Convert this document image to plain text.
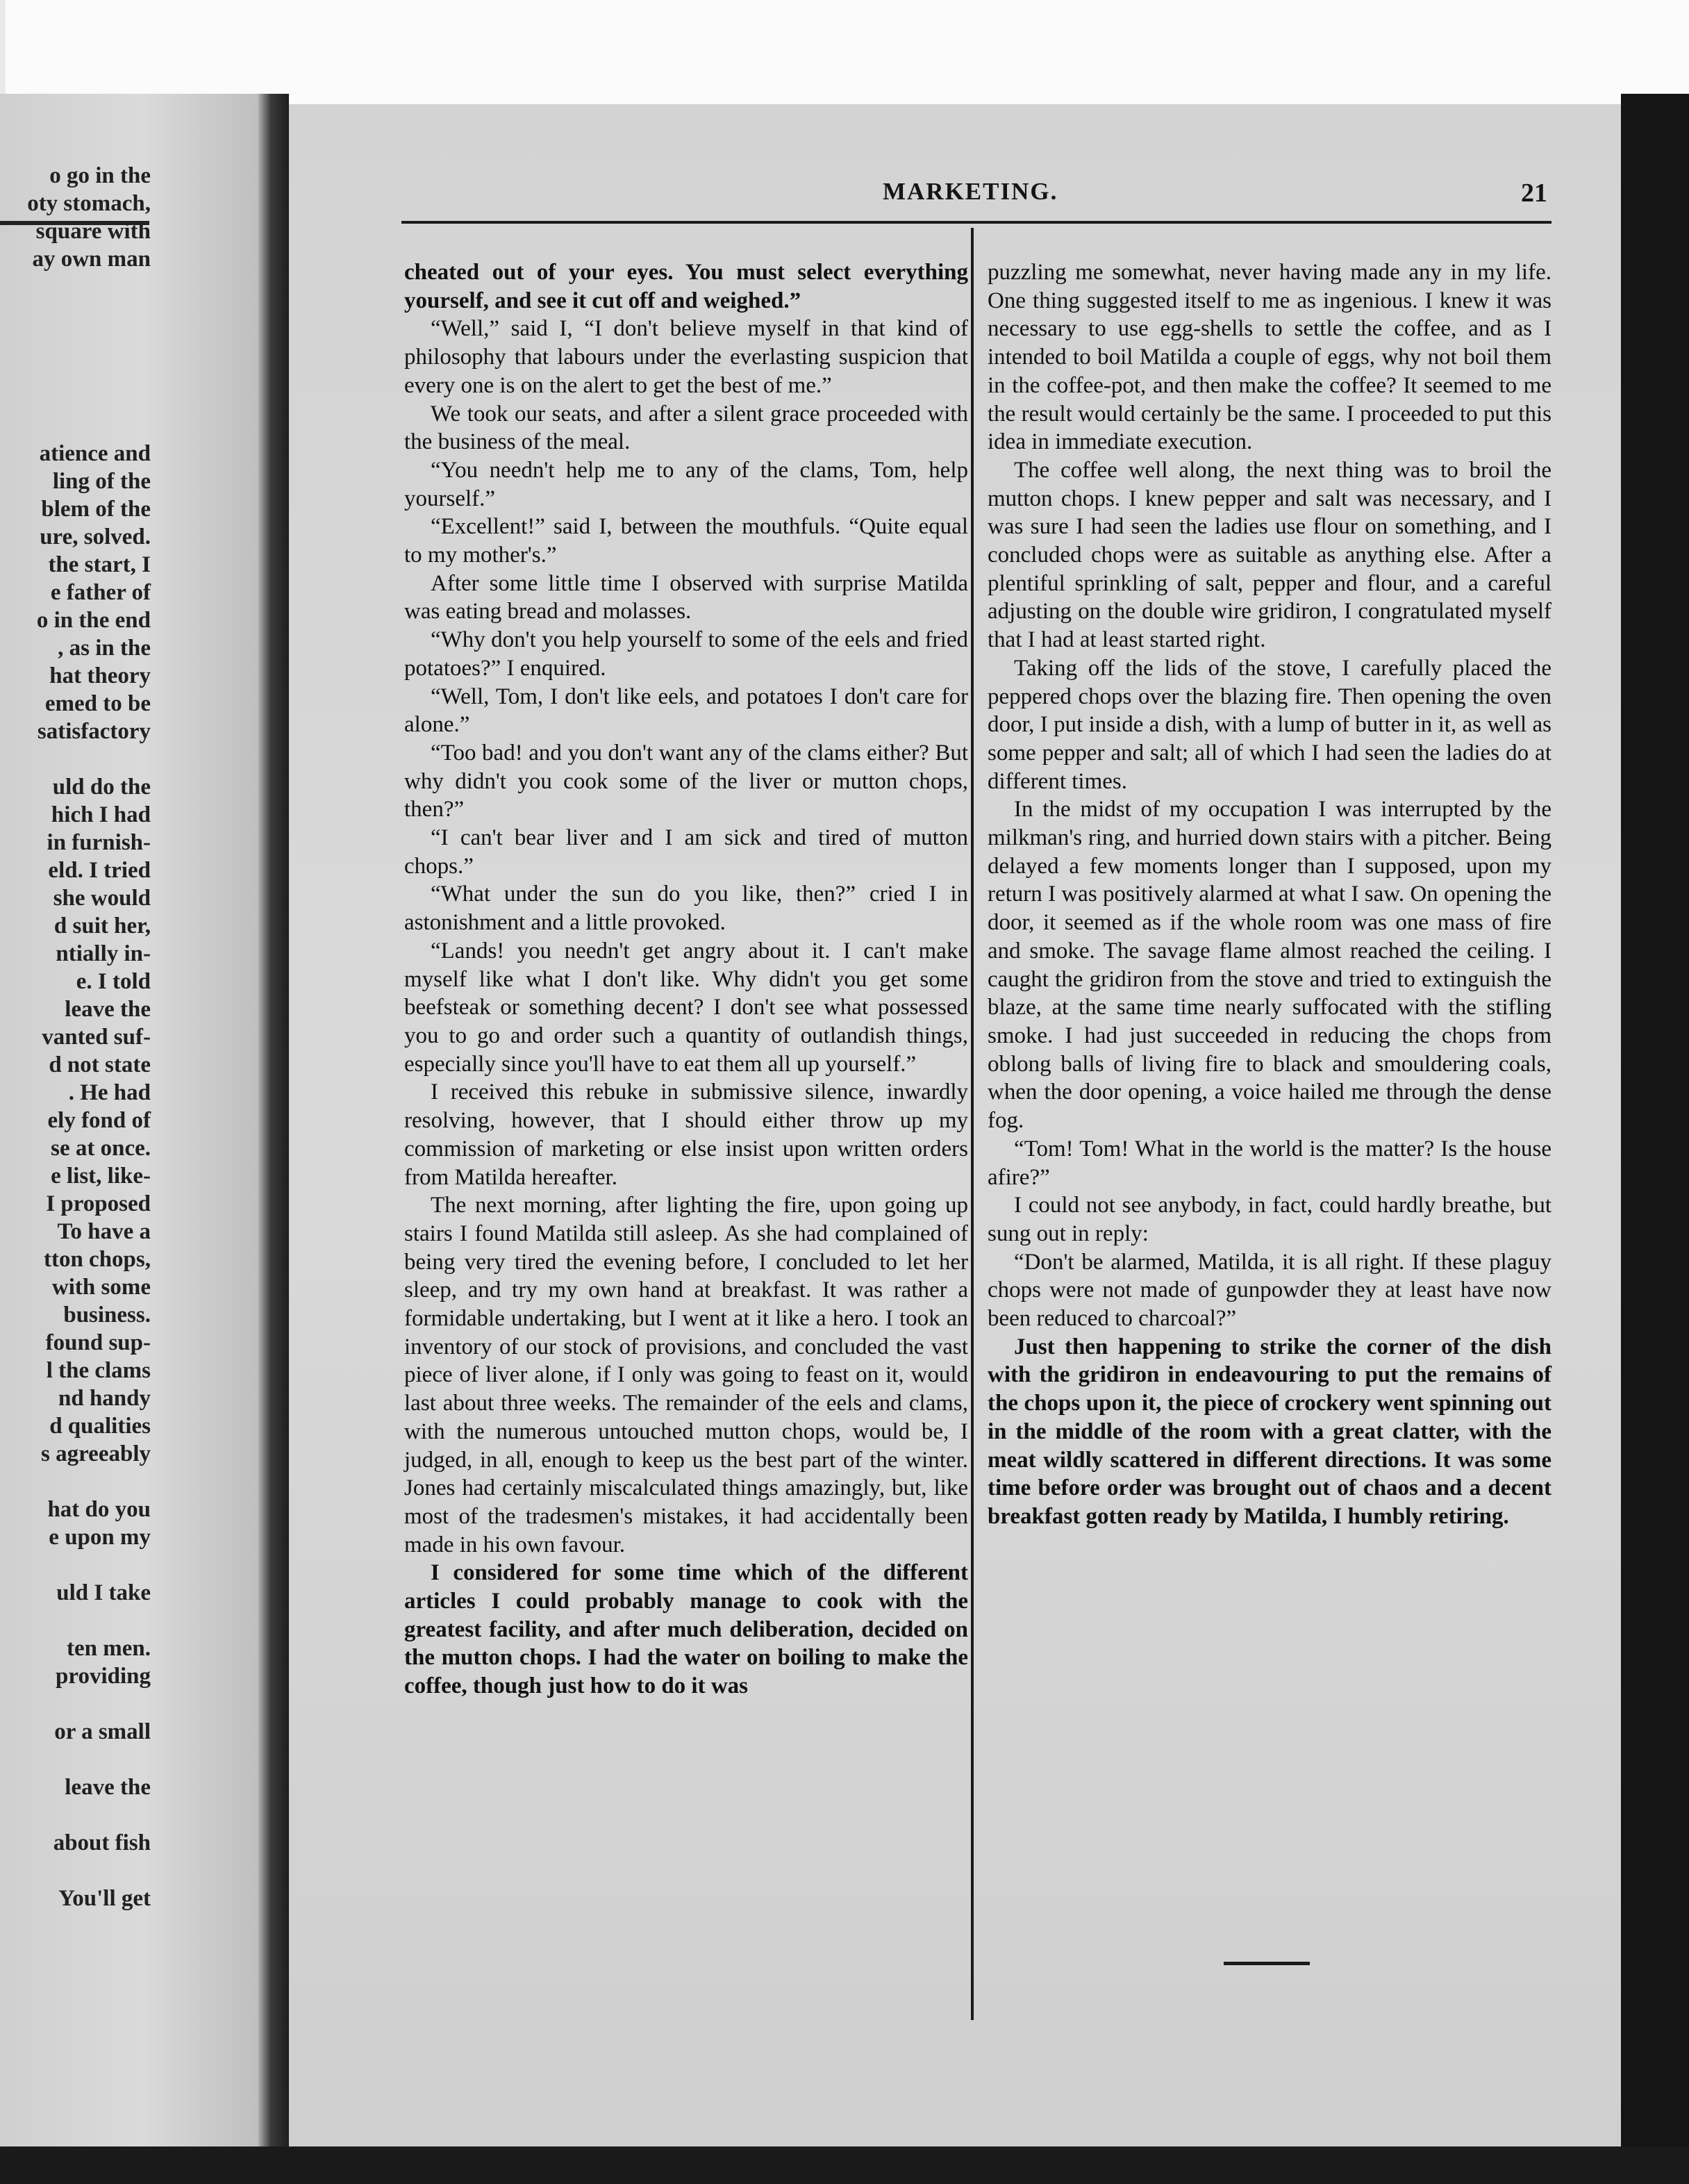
o go in the
oty stomach,
square with
ay own man
atience and
ling of the
blem of the
ure, solved.
the start, I
e father of
o in the end
, as in the
hat theory
emed to be
satisfactory
uld do the
hich I had
in furnish-
eld. I tried
she would
d suit her,
ntially in-
e. I told
leave the
vanted suf-
d not state
. He had
ely fond of
se at once.
e list, like-
I proposed
To have a
tton chops,
with some
business.
found sup-
l the clams
nd handy
d qualities
s agreeably
hat do you
e upon my
uld I take
ten men.
providing
or a small
leave the
about fish
You'll get
MARKETING.	21

cheated out of your eyes. You must select everything yourself, and see it cut off and weighed.”

“Well,” said I, “I don't believe myself in that kind of philosophy that labours under the everlasting suspicion that every one is on the alert to get the best of me.”

We took our seats, and after a silent grace proceeded with the business of the meal.

“You needn't help me to any of the clams, Tom, help yourself.”

“Excellent!” said I, between the mouthfuls. “Quite equal to my mother's.”

After some little time I observed with surprise Matilda was eating bread and molasses.

“Why don't you help yourself to some of the eels and fried potatoes?” I enquired.

“Well, Tom, I don't like eels, and potatoes I don't care for alone.”

“Too bad! and you don't want any of the clams either? But why didn't you cook some of the liver or mutton chops, then?”

“I can't bear liver and I am sick and tired of mutton chops.”

“What under the sun do you like, then?” cried I in astonishment and a little provoked.

“Lands! you needn't get angry about it. I can't make myself like what I don't like. Why didn't you get some beefsteak or something decent? I don't see what possessed you to go and order such a quantity of outlandish things, especially since you'll have to eat them all up yourself.”

I received this rebuke in submissive silence, inwardly resolving, however, that I should either throw up my commission of marketing or else insist upon written orders from Matilda hereafter.

The next morning, after lighting the fire, upon going up stairs I found Matilda still asleep. As she had complained of being very tired the evening before, I concluded to let her sleep, and try my own hand at breakfast. It was rather a formidable undertaking, but I went at it like a hero. I took an inventory of our stock of provisions, and concluded the vast piece of liver alone, if I only was going to feast on it, would last about three weeks. The remainder of the eels and clams, with the numerous untouched mutton chops, would be, I judged, in all, enough to keep us the best part of the winter. Jones had certainly miscalculated things amazingly, but, like most of the tradesmen's mistakes, it had accidentally been made in his own favour.

I considered for some time which of the different articles I could probably manage to cook with the greatest facility, and after much deliberation, decided on the mutton chops. I had the water on boiling to make the coffee, though just how to do it was

puzzling me somewhat, never having made any in my life. One thing suggested itself to me as ingenious. I knew it was necessary to use egg-shells to settle the coffee, and as I intended to boil Matilda a couple of eggs, why not boil them in the coffee-pot, and then make the coffee? It seemed to me the result would certainly be the same. I proceeded to put this idea in immediate execution.

The coffee well along, the next thing was to broil the mutton chops. I knew pepper and salt was necessary, and I was sure I had seen the ladies use flour on something, and I concluded chops were as suitable as anything else. After a plentiful sprinkling of salt, pepper and flour, and a careful adjusting on the double wire gridiron, I congratulated myself that I had at least started right.

Taking off the lids of the stove, I carefully placed the peppered chops over the blazing fire. Then opening the oven door, I put inside a dish, with a lump of butter in it, as well as some pepper and salt; all of which I had seen the ladies do at different times.

In the midst of my occupation I was interrupted by the milkman's ring, and hurried down stairs with a pitcher. Being delayed a few moments longer than I supposed, upon my return I was positively alarmed at what I saw. On opening the door, it seemed as if the whole room was one mass of fire and smoke. The savage flame almost reached the ceiling. I caught the gridiron from the stove and tried to extinguish the blaze, at the same time nearly suffocated with the stifling smoke. I had just succeeded in reducing the chops from oblong balls of living fire to black and smouldering coals, when the door opening, a voice hailed me through the dense fog.

“Tom! Tom! What in the world is the matter? Is the house afire?”

I could not see anybody, in fact, could hardly breathe, but sung out in reply:

“Don't be alarmed, Matilda, it is all right. If these plaguy chops were not made of gunpowder they at least have now been reduced to charcoal?”

Just then happening to strike the corner of the dish with the gridiron in endeavouring to put the remains of the chops upon it, the piece of crockery went spinning out in the middle of the room with a great clatter, with the meat wildly scattered in different directions. It was some time before order was brought out of chaos and a decent breakfast gotten ready by Matilda, I humbly retiring.
